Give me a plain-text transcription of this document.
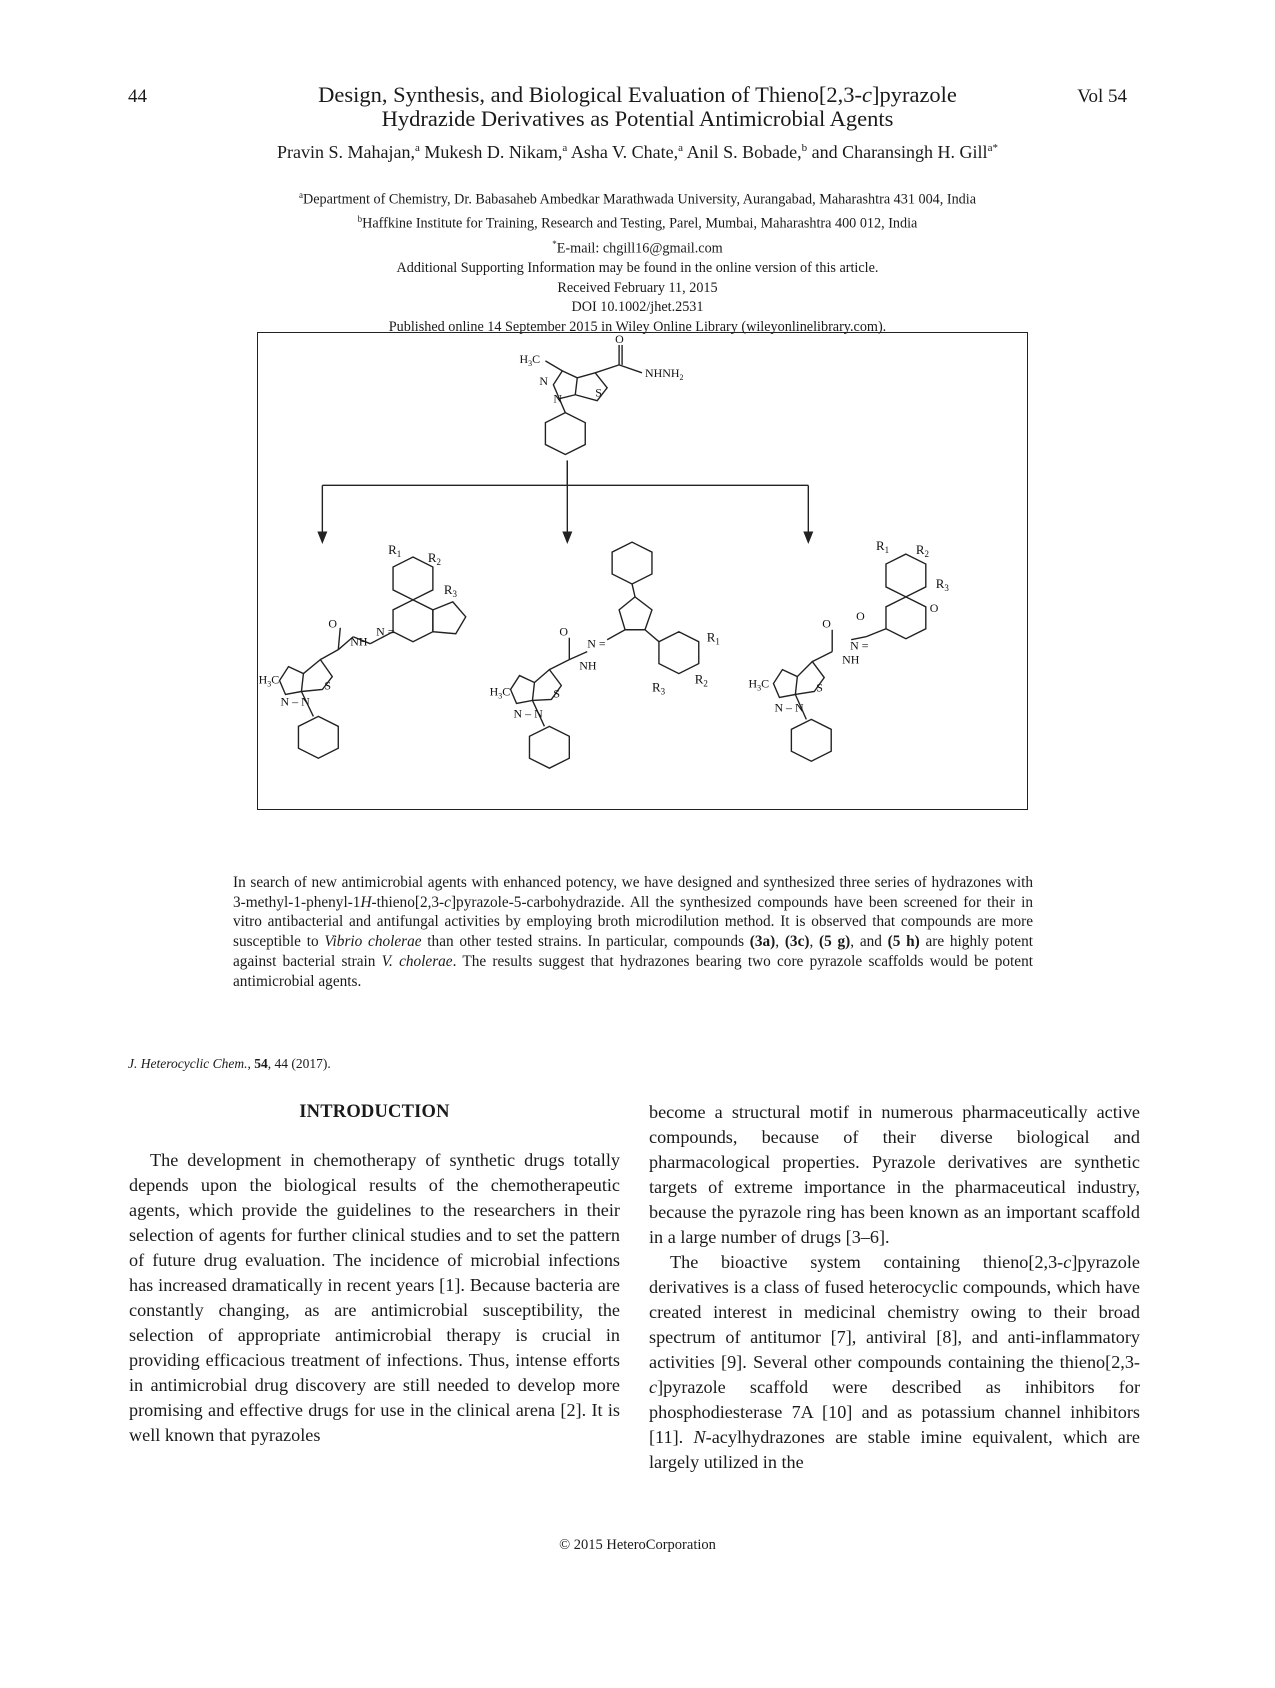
44	Vol 54
Design, Synthesis, and Biological Evaluation of Thieno[2,3-c]pyrazole
Hydrazide Derivatives as Potential Antimicrobial Agents
Pravin S. Mahajan,$^a$ Mukesh D. Nikam,$^a$ Asha V. Chate,$^a$ Anil S. Bobade,$^b$ and Charansingh H. Gill$^{a*}$
$^a$Department of Chemistry, Dr. Babasaheb Ambedkar Marathwada University, Aurangabad, Maharashtra 431 004, India
$^b$Haffkine Institute for Training, Research and Testing, Parel, Mumbai, Maharashtra 400 012, India
*E-mail: chgill16@gmail.com
Additional Supporting Information may be found in the online version of this article.
Received February 11, 2015
DOI 10.1002/jhet.2531
Published online 14 September 2015 in Wiley Online Library (wileyonlinelibrary.com).
$H_3C$
O
$NHNH_2$
N
N	S
$R_1$ $R_2$
$R_3$
N =
NH
O
$H_3C$	S
N – N
$R_1$
$R_2$
$R_3$
N =
NH
O
$H_3C$	S
N – N
$R_1$ $R_2$
$R_3$
O
O
N =
NH
O
$H_3C$	S
N – N
In search of new antimicrobial agents with enhanced potency, we have designed and synthesized three series of hydrazones with 3-methyl-1-phenyl-1H-thieno[2,3-c]pyrazole-5-carbohydrazide. All the synthesized compounds have been screened for their in vitro antibacterial and antifungal activities by employing broth microdilution method. It is observed that compounds are more susceptible to Vibrio cholerae than other tested strains. In particular, compounds (3a), (3c), (5 g), and (5 h) are highly potent against bacterial strain V. cholerae. The results suggest that hydrazones bearing two core pyrazole scaffolds would be potent antimicrobial agents.
J. Heterocyclic Chem., 54, 44 (2017).
INTRODUCTION

The development in chemotherapy of synthetic drugs totally depends upon the biological results of the chemotherapeutic agents, which provide the guidelines to the researchers in their selection of agents for further clinical studies and to set the pattern of future drug evaluation. The incidence of microbial infections has increased dramatically in recent years [1]. Because bacteria are constantly changing, as are antimicrobial susceptibility, the selection of appropriate antimicrobial therapy is crucial in providing efficacious treatment of infections. Thus, intense efforts in antimicrobial drug discovery are still needed to develop more promising and effective drugs for use in the clinical arena [2]. It is well known that pyrazoles

become a structural motif in numerous pharmaceutically active compounds, because of their diverse biological and pharmacological properties. Pyrazole derivatives are synthetic targets of extreme importance in the pharmaceutical industry, because the pyrazole ring has been known as an important scaffold in a large number of drugs [3–6].

The bioactive system containing thieno[2,3-c]pyrazole derivatives is a class of fused heterocyclic compounds, which have created interest in medicinal chemistry owing to their broad spectrum of antitumor [7], antiviral [8], and anti-inflammatory activities [9]. Several other compounds containing the thieno[2,3-c]pyrazole scaffold were described as inhibitors for phosphodiesterase 7A [10] and as potassium channel inhibitors [11]. N-acylhydrazones are stable imine equivalent, which are largely utilized in the

© 2015 HeteroCorporation
